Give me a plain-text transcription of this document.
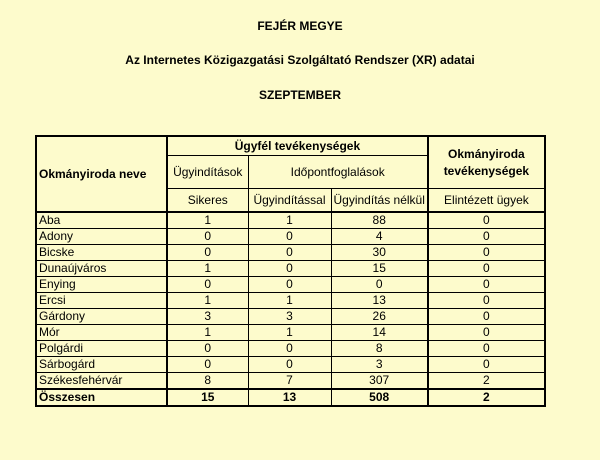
FEJÉR MEGYE
Az Internetes Közigazgatási Szolgáltató Rendszer (XR) adatai
SZEPTEMBER
Okmányiroda neve	Ügyfél tevékenységek			Okmányiroda tevékenységek
	Ügyindítások	Időpontfoglalások		
	Sikeres	Ügyindítással	Ügyindítás nélkül	Elintézett ügyek
Aba	1	1	88	0
Adony	0	0	4	0
Bicske	0	0	30	0
Dunaújváros	1	0	15	0
Enying	0	0	0	0
Ercsi	1	1	13	0
Gárdony	3	3	26	0
Mór	1	1	14	0
Polgárdi	0	0	8	0
Sárbogárd	0	0	3	0
Székesfehérvár	8	7	307	2
Összesen	15	13	508	2
